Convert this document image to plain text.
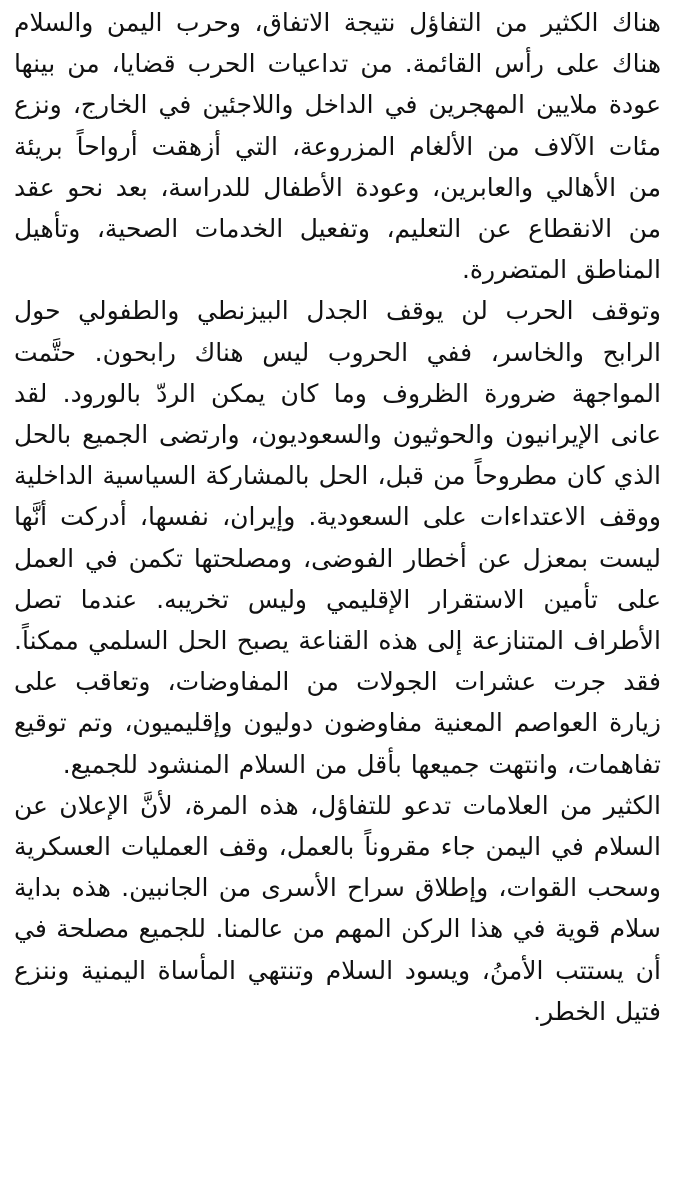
هناك الكثير من التفاؤل نتيجة الاتفاق، وحرب اليمن والسلام هناك على رأس القائمة. من تداعيات الحرب قضايا، من بينها عودة ملايين المهجرين في الداخل واللاجئين في الخارج، ونزع مئات الآلاف من الألغام المزروعة، التي أزهقت أرواحاً بريئة من الأهالي والعابرين، وعودة الأطفال للدراسة، بعد نحو عقد من الانقطاع عن التعليم، وتفعيل الخدمات الصحية، وتأهيل المناطق المتضررة.

وتوقف الحرب لن يوقف الجدل البيزنطي والطفولي حول الرابح والخاسر، ففي الحروب ليس هناك رابحون. حتَّمت المواجهة ضرورة الظروف وما كان يمكن الردّ بالورود. لقد عانى الإيرانيون والحوثيون والسعوديون، وارتضى الجميع بالحل الذي كان مطروحاً من قبل، الحل بالمشاركة السياسية الداخلية ووقف الاعتداءات على السعودية. وإيران، نفسها، أدركت أنَّها ليست بمعزل عن أخطار الفوضى، ومصلحتها تكمن في العمل على تأمين الاستقرار الإقليمي وليس تخريبه. عندما تصل الأطراف المتنازعة إلى هذه القناعة يصبح الحل السلمي ممكناً. فقد جرت عشرات الجولات من المفاوضات، وتعاقب على زيارة العواصم المعنية مفاوضون دوليون وإقليميون، وتم توقيع تفاهمات، وانتهت جميعها بأقل من السلام المنشود للجميع.

الكثير من العلامات تدعو للتفاؤل، هذه المرة، لأنَّ الإعلان عن السلام في اليمن جاء مقروناً بالعمل، وقف العمليات العسكرية وسحب القوات، وإطلاق سراح الأسرى من الجانبين. هذه بداية سلام قوية في هذا الركن المهم من عالمنا. للجميع مصلحة في أن يستتب الأمنُ، ويسود السلام وتنتهي المأساة اليمنية وننزع فتيل الخطر.
